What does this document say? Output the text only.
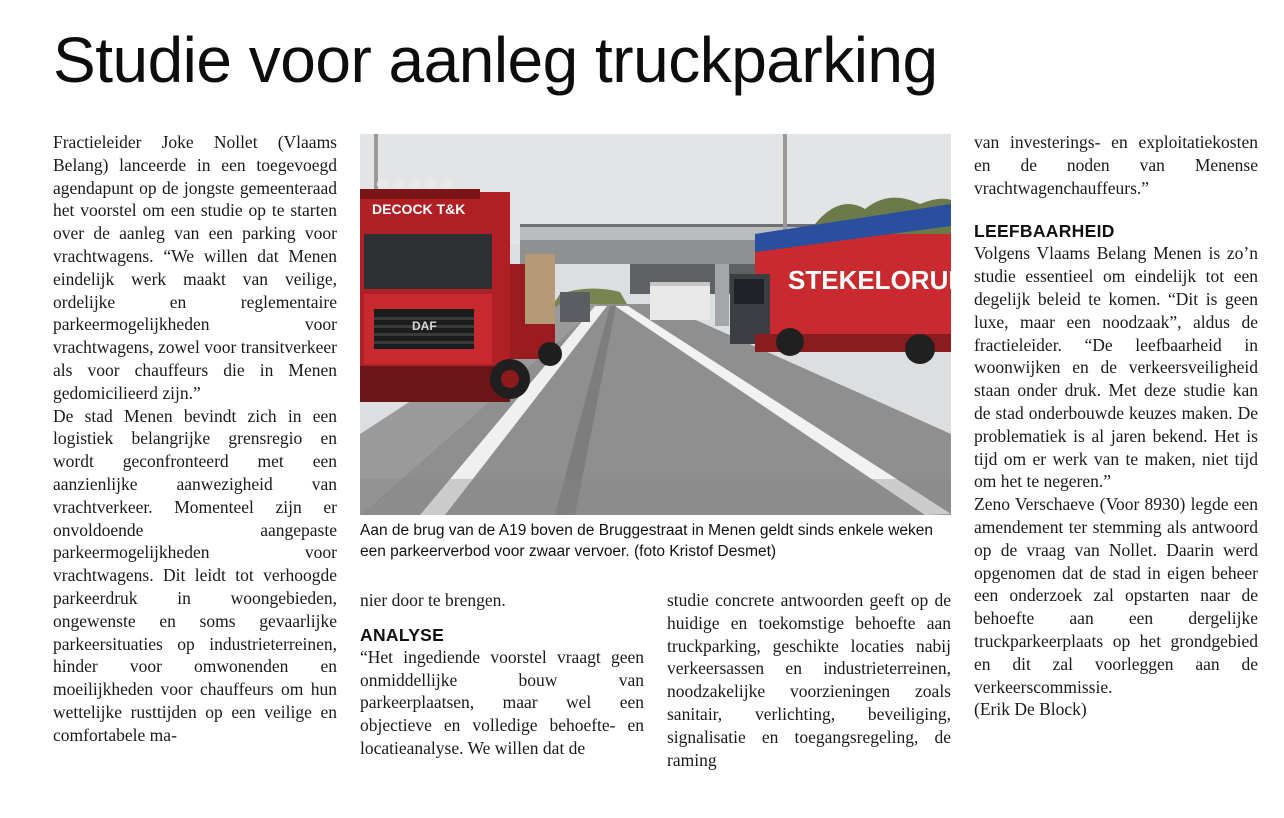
Studie voor aanleg truckparking

Fractieleider Joke Nollet (Vlaams Belang) lanceerde in een toegevoegd agendapunt op de jongste gemeenteraad het voorstel om een studie op te starten over de aanleg van een parking voor vrachtwagens. “We willen dat Menen eindelijk werk maakt van veilige, ordelijke en reglementaire parkeermogelijkheden voor vrachtwagens, zowel voor transitverkeer als voor chauffeurs die in Menen gedomicilieerd zijn.”

De stad Menen bevindt zich in een logistiek belangrijke grensregio en wordt geconfronteerd met een aanzienlijke aanwezigheid van vrachtverkeer. Momenteel zijn er onvoldoende aangepaste parkeermogelijkheden voor vrachtwagens. Dit leidt tot verhoogde parkeerdruk in woongebieden, ongewenste en soms gevaarlijke parkeersituaties op industrieterreinen, hinder voor omwonenden en moeilijkheden voor chauffeurs om hun wettelijke rusttijden op een veilige en comfortabele ma-

STEKELORUM
DECOCK T&K
DAF
Aan de brug van de A19 boven de Bruggestraat in Menen geldt sinds enkele weken een parkeerverbod voor zwaar vervoer. (foto Kristof Desmet)

nier door te brengen.

ANALYSE

“Het ingediende voorstel vraagt geen onmiddellijke bouw van parkeerplaatsen, maar wel een objectieve en volledige behoefte- en locatieanalyse. We willen dat de

studie concrete antwoorden geeft op de huidige en toekomstige behoefte aan truckparking, geschikte locaties nabij verkeersassen en industrieterreinen, noodzakelijke voorzieningen zoals sanitair, verlichting, beveiliging, signalisatie en toegangsregeling, de raming

van investerings- en exploitatiekosten en de noden van Menense vrachtwagenchauffeurs.”

LEEFBAARHEID

Volgens Vlaams Belang Menen is zo’n studie essentieel om eindelijk tot een degelijk beleid te komen. “Dit is geen luxe, maar een noodzaak”, aldus de fractieleider. “De leefbaarheid in woonwijken en de verkeersveiligheid staan onder druk. Met deze studie kan de stad onderbouwde keuzes maken. De problematiek is al jaren bekend. Het is tijd om er werk van te maken, niet tijd om het te negeren.”

Zeno Verschaeve (Voor 8930) legde een amendement ter stemming als antwoord op de vraag van Nollet. Daarin werd opgenomen dat de stad in eigen beheer een onderzoek zal opstarten naar de behoefte aan een dergelijke truckparkeerplaats op het grondgebied en dit zal voorleggen aan de verkeerscommissie.

(Erik De Block)
